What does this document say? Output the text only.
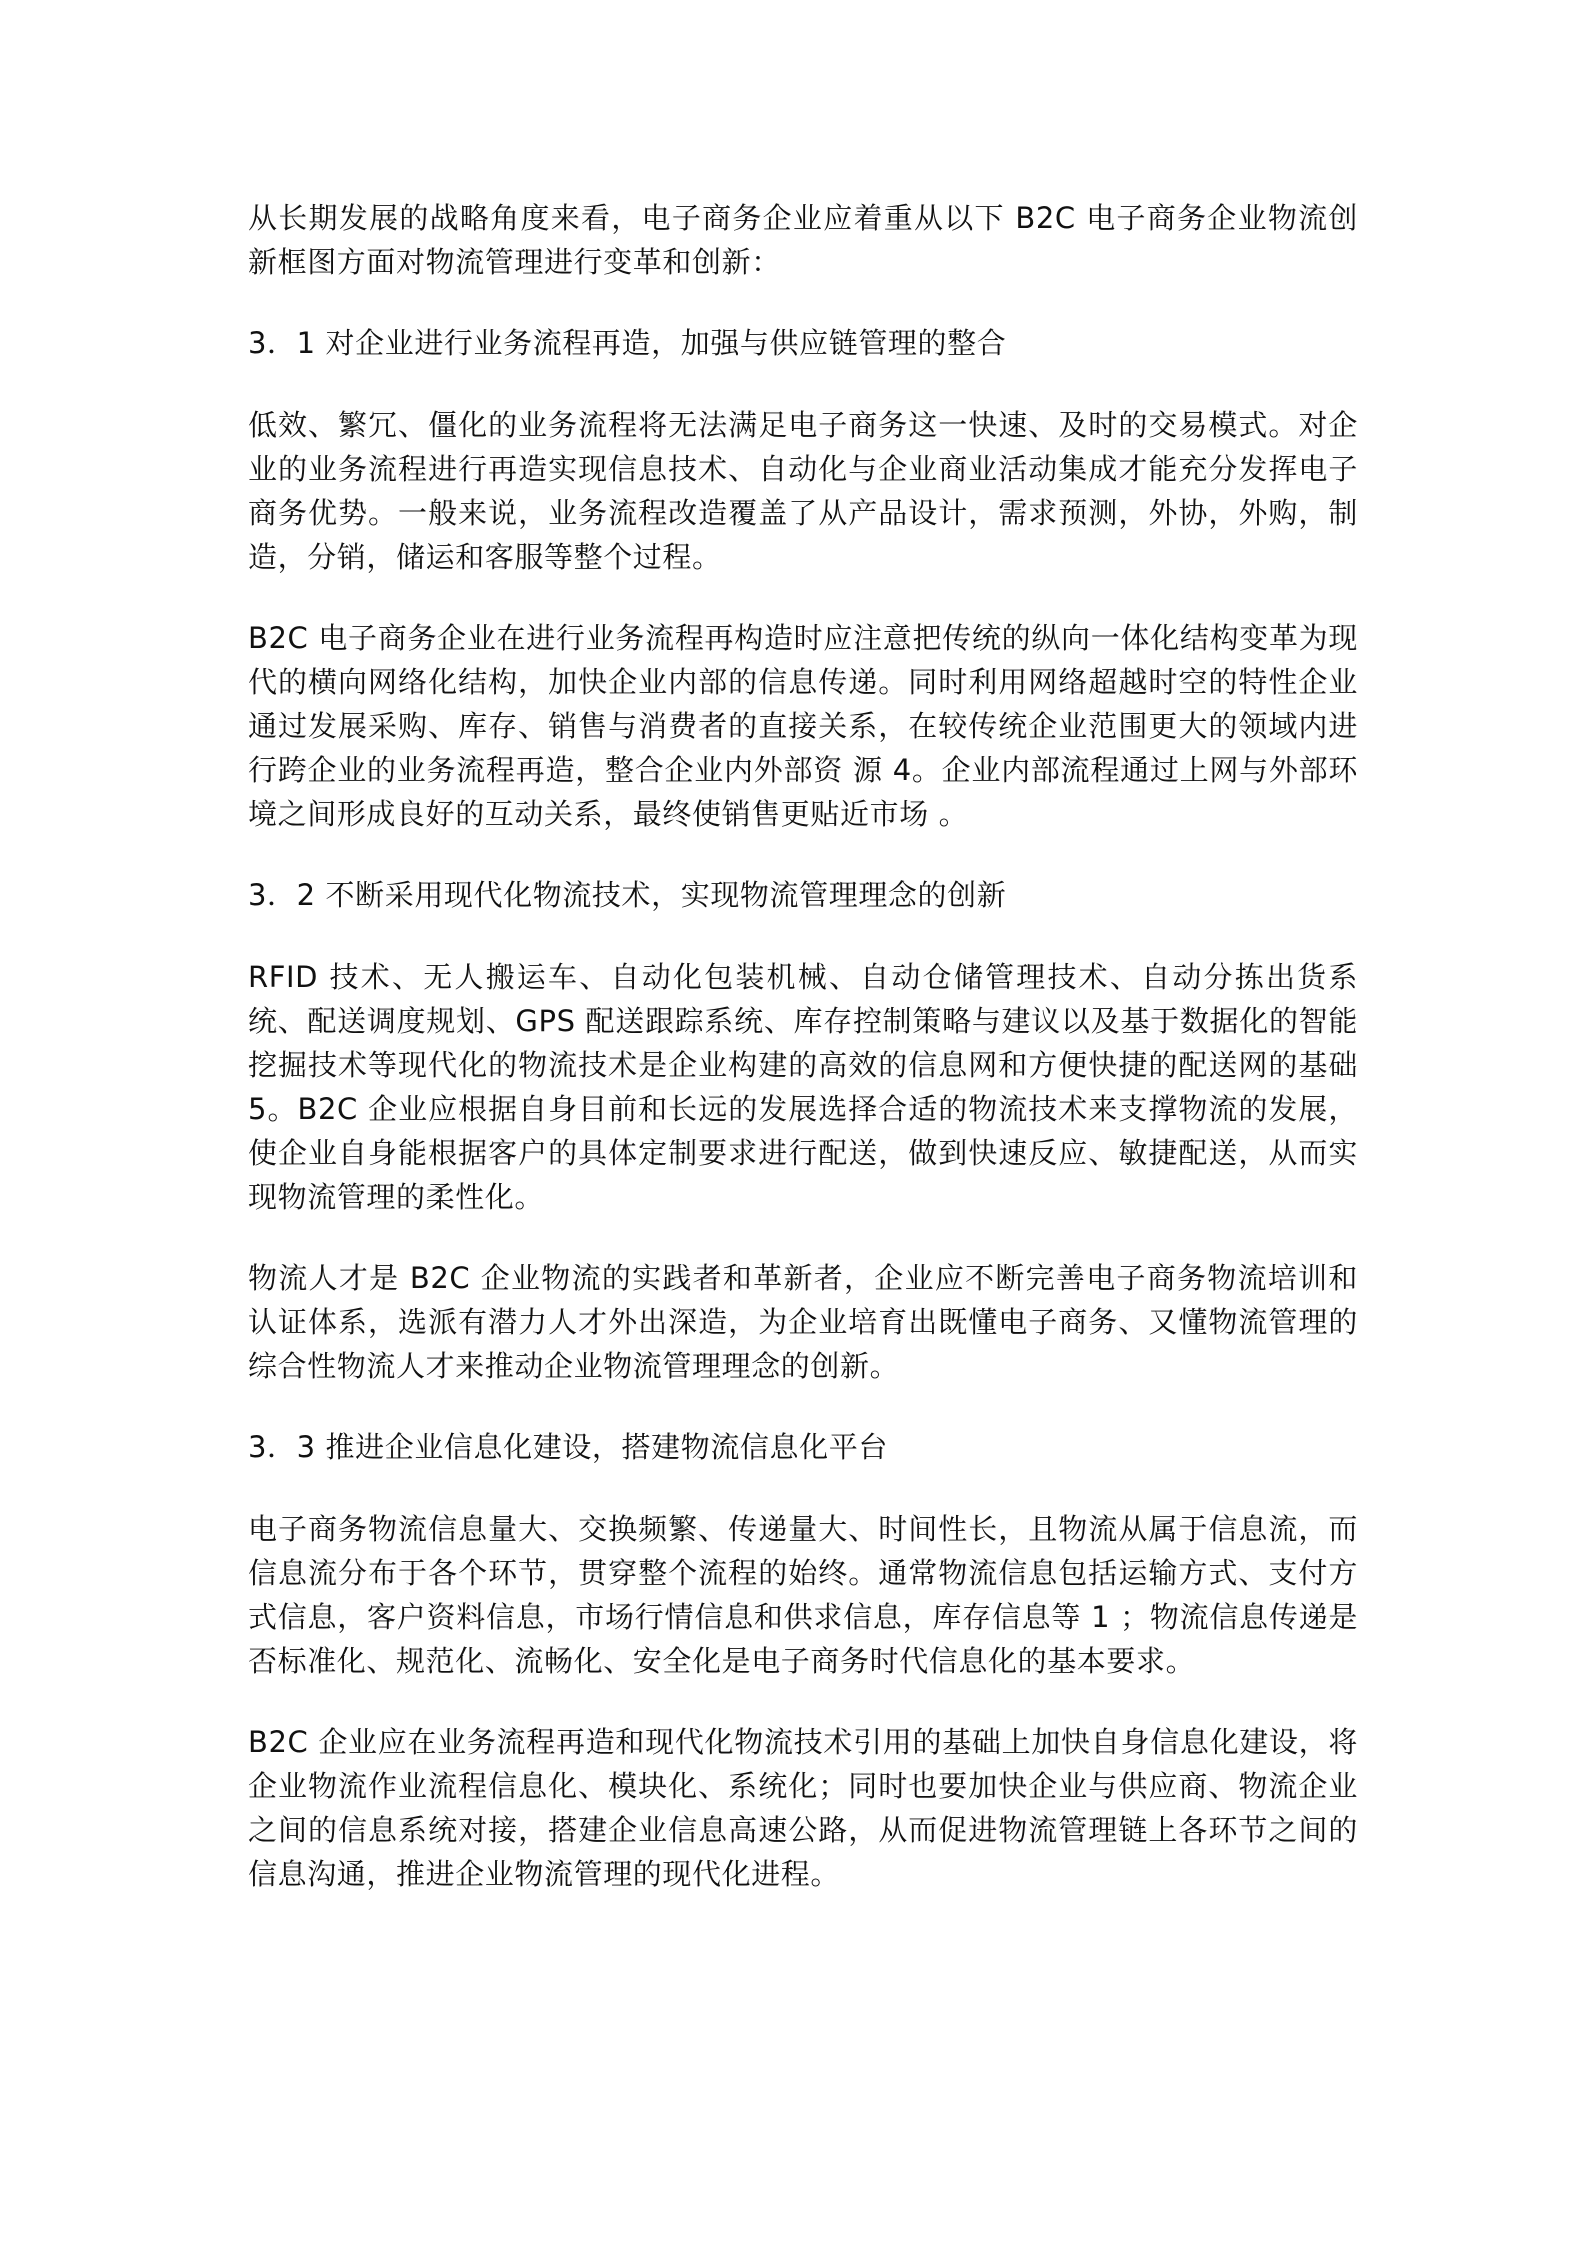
从长期发展的战略角度来看，电子商务企业应着重从以下 B2C 电子商务企业物流创新框图方面对物流管理进行变革和创新：

3．1 对企业进行业务流程再造，加强与供应链管理的整合

低效、繁冗、僵化的业务流程将无法满足电子商务这一快速、及时的交易模式。对企业的业务流程进行再造实现信息技术、自动化与企业商业活动集成才能充分发挥电子商务优势。一般来说，业务流程改造覆盖了从产品设计，需求预测，外协，外购，制造，分销，储运和客服等整个过程。

B2C 电子商务企业在进行业务流程再构造时应注意把传统的纵向一体化结构变革为现代的横向网络化结构，加快企业内部的信息传递。同时利用网络超越时空的特性企业通过发展采购、库存、销售与消费者的直接关系，在较传统企业范围更大的领域内进行跨企业的业务流程再造，整合企业内外部资 源 4。企业内部流程通过上网与外部环境之间形成良好的互动关系，最终使销售更贴近市场 。

3．2 不断采用现代化物流技术，实现物流管理理念的创新

RFID 技术、无人搬运车、自动化包装机械、自动仓储管理技术、自动分拣出货系统、配送调度规划、GPS 配送跟踪系统、库存控制策略与建议以及基于数据化的智能挖掘技术等现代化的物流技术是企业构建的高效的信息网和方便快捷的配送网的基础 5。B2C 企业应根据自身目前和长远的发展选择合适的物流技术来支撑物流的发展，使企业自身能根据客户的具体定制要求进行配送，做到快速反应、敏捷配送，从而实现物流管理的柔性化。

物流人才是 B2C 企业物流的实践者和革新者，企业应不断完善电子商务物流培训和认证体系，选派有潜力人才外出深造，为企业培育出既懂电子商务、又懂物流管理的综合性物流人才来推动企业物流管理理念的创新。

3．3 推进企业信息化建设，搭建物流信息化平台

电子商务物流信息量大、交换频繁、传递量大、时间性长，且物流从属于信息流，而信息流分布于各个环节，贯穿整个流程的始终。通常物流信息包括运输方式、支付方式信息，客户资料信息，市场行情信息和供求信息，库存信息等 1 ；物流信息传递是否标准化、规范化、流畅化、安全化是电子商务时代信息化的基本要求。

B2C 企业应在业务流程再造和现代化物流技术引用的基础上加快自身信息化建设，将企业物流作业流程信息化、模块化、系统化；同时也要加快企业与供应商、物流企业之间的信息系统对接，搭建企业信息高速公路，从而促进物流管理链上各环节之间的信息沟通，推进企业物流管理的现代化进程。
